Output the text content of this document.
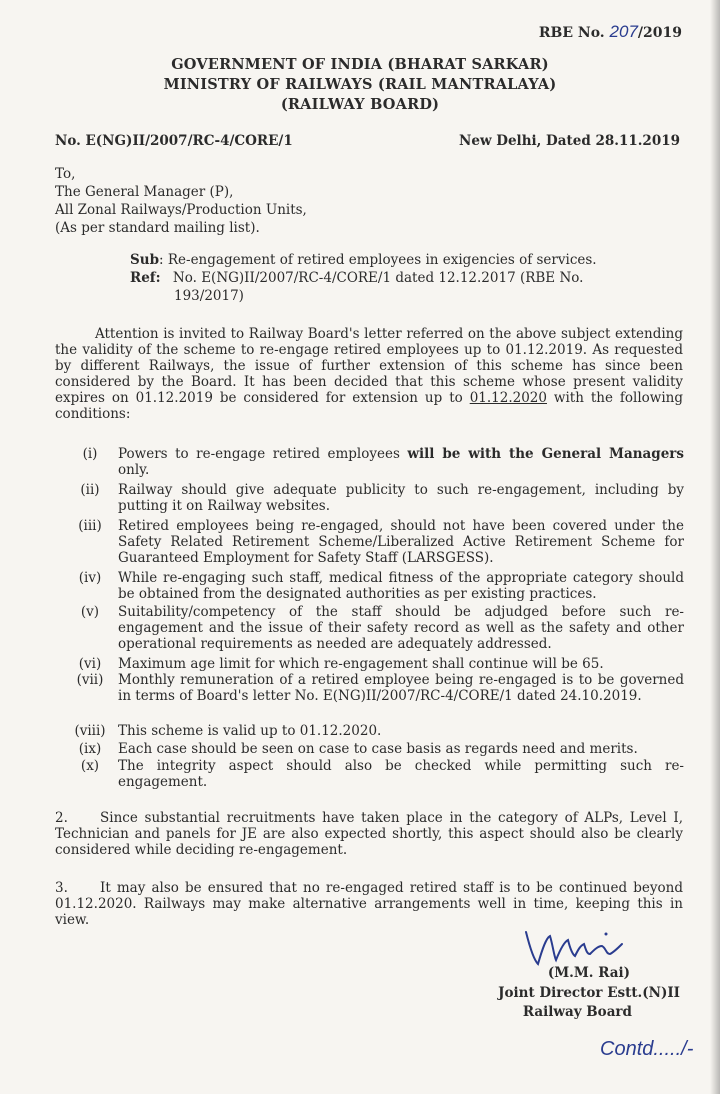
RBE No. 207/2019
GOVERNMENT OF INDIA (BHARAT SARKAR)
MINISTRY OF RAILWAYS (RAIL MANTRALAYA)
(RAILWAY BOARD)
No. E(NG)II/2007/RC-4/CORE/1	New Delhi, Dated 28.11.2019
To,
The General Manager (P),
All Zonal Railways/Production Units,
(As per standard mailing list).
Sub: Re-engagement of retired employees in exigencies of services.
Ref: No. E(NG)II/2007/RC-4/CORE/1 dated 12.12.2017 (RBE No.
193/2017)
Attention is invited to Railway Board's letter referred on the above subject extending the validity of the scheme to re-engage retired employees up to 01.12.2019. As requested by different Railways, the issue of further extension of this scheme has since been considered by the Board. It has been decided that this scheme whose present validity expires on 01.12.2019 be considered for extension up to 01.12.2020 with the following conditions:
(i)	Powers to re-engage retired employees will be with the General Managers only.
(ii)	Railway should give adequate publicity to such re-engagement, including by putting it on Railway websites.
(iii)	Retired employees being re-engaged, should not have been covered under the Safety Related Retirement Scheme/Liberalized Active Retirement Scheme for Guaranteed Employment for Safety Staff (LARSGESS).
(iv)	While re-engaging such staff, medical fitness of the appropriate category should be obtained from the designated authorities as per existing practices.
(v)	Suitability/competency of the staff should be adjudged before such re-engagement and the issue of their safety record as well as the safety and other operational requirements as needed are adequately addressed.
(vi)	Maximum age limit for which re-engagement shall continue will be 65.
(vii)	Monthly remuneration of a retired employee being re-engaged is to be governed in terms of Board's letter No. E(NG)II/2007/RC-4/CORE/1 dated 24.10.2019.
(viii) This scheme is valid up to 01.12.2020.
(ix)	Each case should be seen on case to case basis as regards need and merits.
(x)	The integrity aspect should also be checked while permitting such re-engagement.
2. Since substantial recruitments have taken place in the category of ALPs, Level I, Technician and panels for JE are also expected shortly, this aspect should also be clearly considered while deciding re-engagement.
3. It may also be ensured that no re-engaged retired staff is to be continued beyond 01.12.2020. Railways may make alternative arrangements well in time, keeping this in view.
(M.M. Rai)
Joint Director Estt.(N)II
Railway Board
Contd...../-
